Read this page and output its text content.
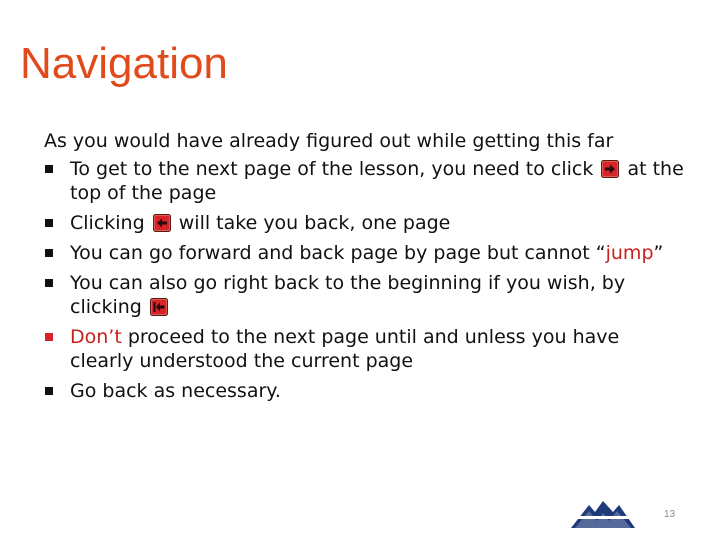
Navigation
As you would have already figured out while getting this far
To get to the next page of the lesson, you need to click at the top of the page
Clicking will take you back, one page
You can go forward and back page by page but cannot “jump”
You can also go right back to the beginning if you wish, by clicking
Don’t proceed to the next page until and unless you have clearly understood the current page
Go back as necessary.
13
